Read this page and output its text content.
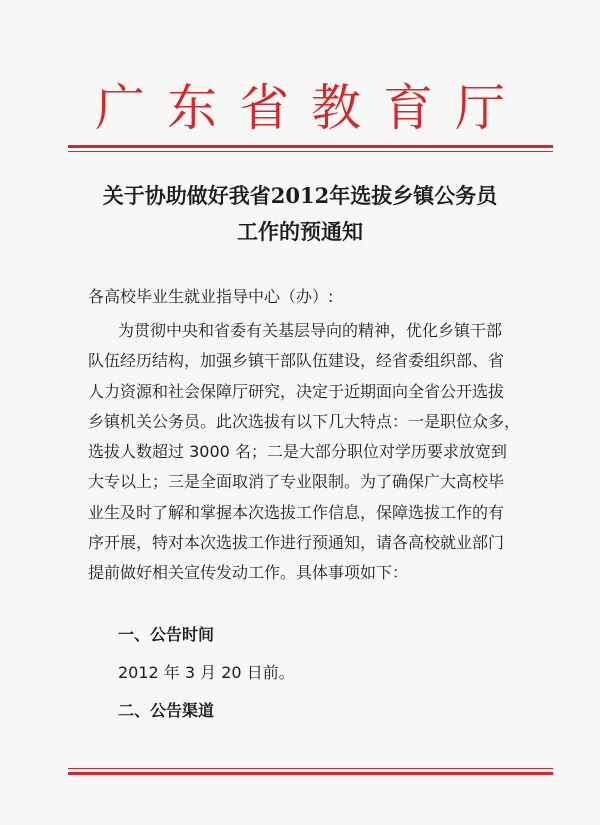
广东省教育厅
关于协助做好我省2012年选拔乡镇公务员
工作的预通知
各高校毕业生就业指导中心（办）:
为贯彻中央和省委有关基层导向的精神，优化乡镇干部
队伍经历结构，加强乡镇干部队伍建设，经省委组织部、省
人力资源和社会保障厅研究，决定于近期面向全省公开选拔
乡镇机关公务员。此次选拔有以下几大特点：一是职位众多，
选拔人数超过 3000 名；二是大部分职位对学历要求放宽到
大专以上；三是全面取消了专业限制。为了确保广大高校毕
业生及时了解和掌握本次选拔工作信息，保障选拔工作的有
序开展，特对本次选拔工作进行预通知，请各高校就业部门
提前做好相关宣传发动工作。具体事项如下：
一、公告时间
2012 年 3 月 20 日前。
二、公告渠道
